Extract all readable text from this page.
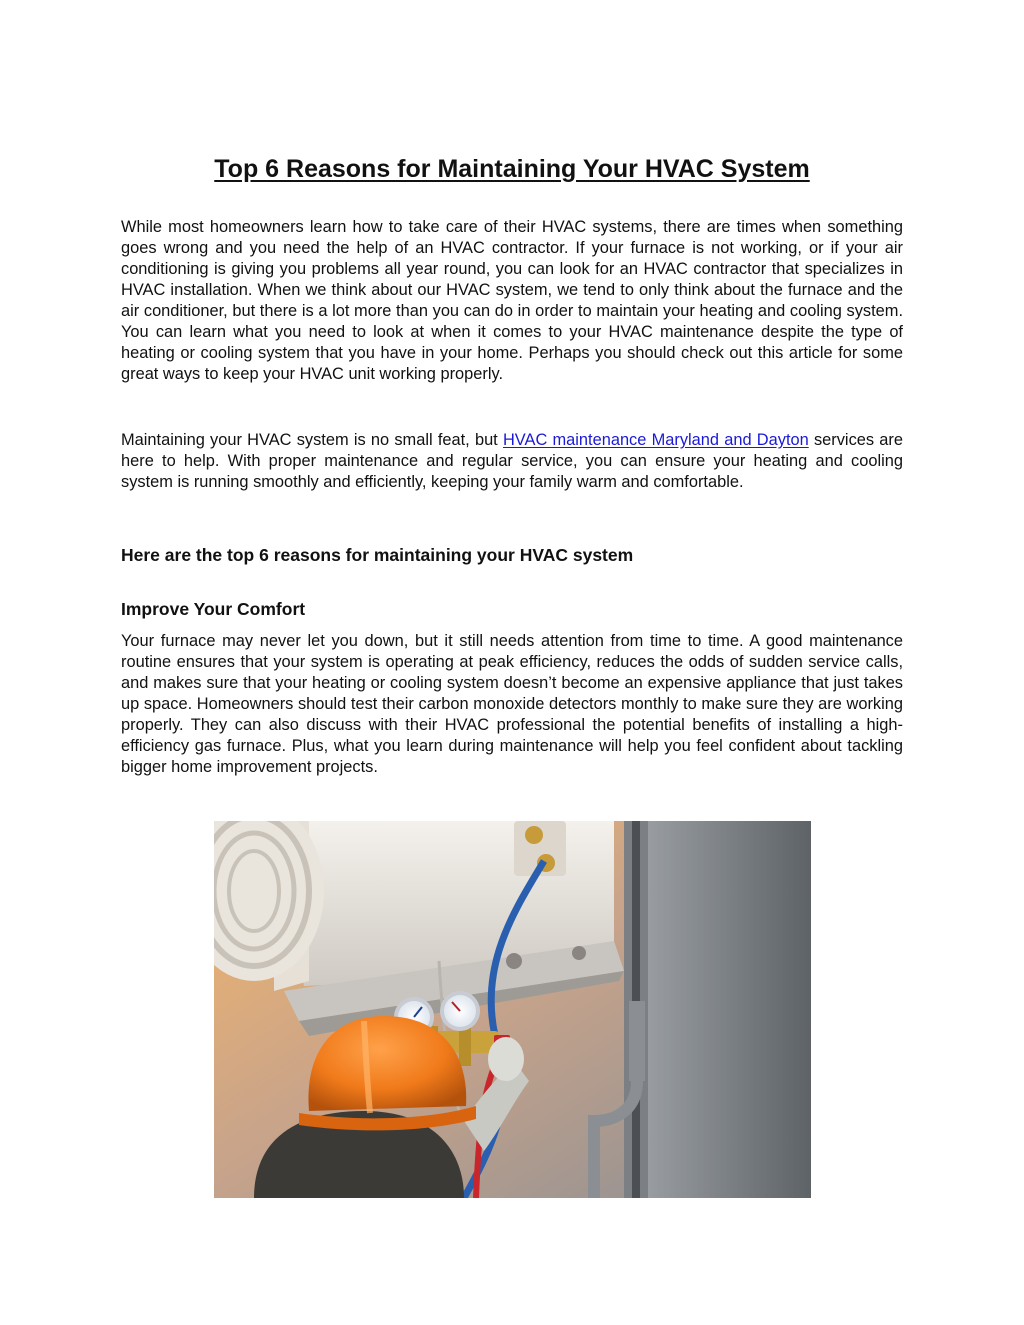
Top 6 Reasons for Maintaining Your HVAC System

While most homeowners learn how to take care of their HVAC systems, there are times when something goes wrong and you need the help of an HVAC contractor. If your furnace is not working, or if your air conditioning is giving you problems all year round, you can look for an HVAC contractor that specializes in HVAC installation. When we think about our HVAC system, we tend to only think about the furnace and the air conditioner, but there is a lot more than you can do in order to maintain your heating and cooling system. You can learn what you need to look at when it comes to your HVAC maintenance despite the type of heating or cooling system that you have in your home. Perhaps you should check out this article for some great ways to keep your HVAC unit working properly.

Maintaining your HVAC system is no small feat, but HVAC maintenance Maryland and Dayton services are here to help. With proper maintenance and regular service, you can ensure your heating and cooling system is running smoothly and efficiently, keeping your family warm and comfortable.

Here are the top 6 reasons for maintaining your HVAC system
Improve Your Comfort

Your furnace may never let you down, but it still needs attention from time to time. A good maintenance routine ensures that your system is operating at peak efficiency, reduces the odds of sudden service calls, and makes sure that your heating or cooling system doesn’t become an expensive appliance that just takes up space. Homeowners should test their carbon monoxide detectors monthly to make sure they are working properly. They can also discuss with their HVAC professional the potential benefits of installing a high-efficiency gas furnace. Plus, what you learn during maintenance will help you feel confident about tackling bigger home improvement projects.
